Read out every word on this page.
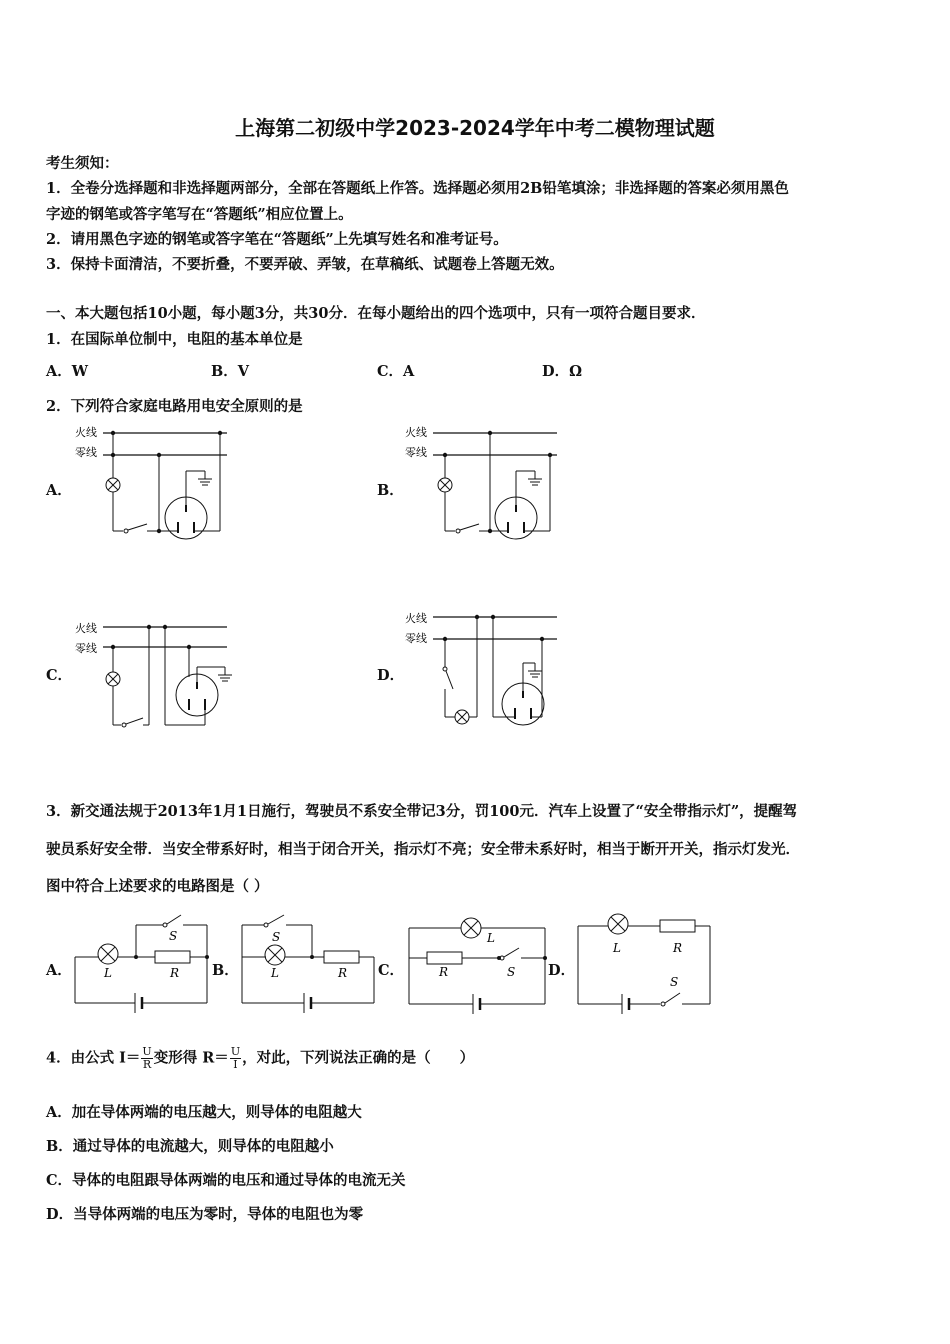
上海第二初级中学2023-2024学年中考二模物理试题
考生须知：
1．全卷分选择题和非选择题两部分，全部在答题纸上作答。选择题必须用2B铅笔填涂；非选择题的答案必须用黑色
字迹的钢笔或答字笔写在“答题纸”相应位置上。
2．请用黑色字迹的钢笔或答字笔在“答题纸”上先填写姓名和准考证号。
3．保持卡面清洁，不要折叠，不要弄破、弄皱，在草稿纸、试题卷上答题无效。
一、本大题包括10小题，每小题3分，共30分．在每小题给出的四个选项中，只有一项符合题目要求．
1．在国际单位制中，电阻的基本单位是
A．W	B．V	C．A	D．Ω
2．下列符合家庭电路用电安全原则的是
A．
火线
零线
B．
火线
零线
C．
火线
零线
D．
火线
零线
3．新交通法规于2013年1月1日施行，驾驶员不系安全带记3分，罚100元．汽车上设置了“安全带指示灯”，提醒驾
驶员系好安全带．当安全带系好时，相当于闭合开关，指示灯不亮；安全带未系好时，相当于断开开关，指示灯发光．
图中符合上述要求的电路图是（ ）
A．	L	R
S
B．
S
L	R C．
L
R	S D．
L	R
S
4．由公式 $I= \frac{U}{R}$ 变形得 $R= \frac{U}{I}$ ，对此，下列说法正确的是（　　）
A．加在导体两端的电压越大，则导体的电阻越大
B．通过导体的电流越大，则导体的电阻越小
C．导体的电阻跟导体两端的电压和通过导体的电流无关
D．当导体两端的电压为零时，导体的电阻也为零
